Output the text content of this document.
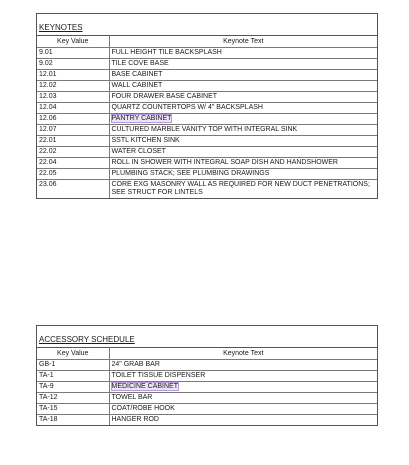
KEYNOTES
Key Value	Keynote Text
9.01	FULL HEIGHT TILE BACKSPLASH
9.02	TILE COVE BASE
12.01	BASE CABINET
12.02	WALL CABINET
12.03	FOUR DRAWER BASE CABINET
12.04	QUARTZ COUNTERTOPS W/ 4" BACKSPLASH
12.06	PANTRY CABINET
12.07	CULTURED MARBLE VANITY TOP WITH INTEGRAL SINK
22.01	SSTL KITCHEN SINK
22.02	WATER CLOSET
22.04	ROLL IN SHOWER WITH INTEGRAL SOAP DISH AND HANDSHOWER
22.05	PLUMBING STACK; SEE PLUMBING DRAWINGS
23.06	CORE EXG MASONRY WALL AS REQUIRED FOR NEW DUCT PENETRATIONS; SEE STRUCT FOR LINTELS
ACCESSORY SCHEDULE
Key Value	Keynote Text
GB-1	24" GRAB BAR
TA-1	TOILET TISSUE DISPENSER
TA-9	MEDICINE CABINET
TA-12	TOWEL BAR
TA-15	COAT/ROBE HOOK
TA-18	HANGER ROD
